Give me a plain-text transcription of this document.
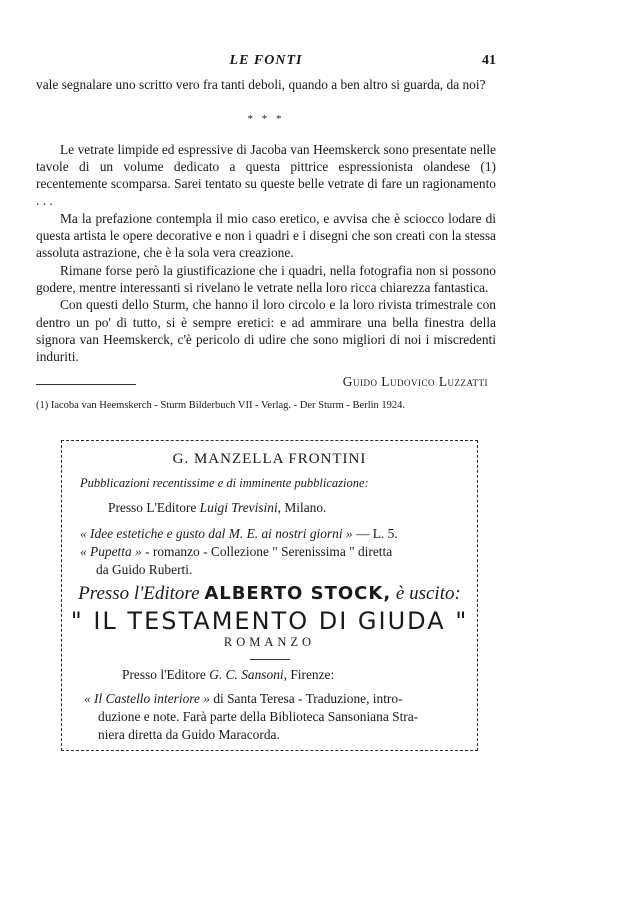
LE FONTI	41

vale segnalare uno scritto vero fra tanti deboli, quando a ben altro si guarda, da noi?

* * *

Le vetrate limpide ed espressive di Jacoba van Heemskerck sono presentate nelle tavole di un volume dedicato a questa pittrice espressionista olandese (1) recentemente scomparsa. Sarei tentato su queste belle vetrate di fare un ragionamento . . .

Ma la prefazione contempla il mio caso eretico, e avvisa che è sciocco lodare di questa artista le opere decorative e non i quadri e i disegni che son creati con la stessa assoluta astrazione, che è la sola vera creazione.

Rimane forse però la giustificazione che i quadri, nella fotografia non si possono godere, mentre interessanti si rivelano le vetrate nella loro ricca chiarezza fantastica.

Con questi dello Sturm, che hanno il loro circolo e la loro rivista trimestrale con dentro un po' di tutto, si è sempre eretici: e ad ammirare una bella finestra della signora van Heemskerck, c'è pericolo di udire che sono migliori di noi i miscredenti induriti.

Guido Ludovico Luzzatti

(1) Iacoba van Heemskerch - Sturm Bilderbuch VII - Verlag. - Der Sturm - Berlin 1924.
G. MANZELLA FRONTINI
Pubblicazioni recentissime e di imminente pubblicazione:
Presso L'Editore Luigi Trevisini, Milano.
« Idee estetiche e gusto dal M. E. ai nostri giorni » — L. 5.
« Pupetta » - romanzo - Collezione " Serenissima " diretta
da Guido Ruberti.
Presso l'Editore ALBERTO STOCK, è uscito:
" IL TESTAMENTO DI GIUDA "
ROMANZO
Presso l'Editore G. C. Sansoni, Firenze:
« Il Castello interiore » di Santa Teresa - Traduzione, intro-
duzione e note. Farà parte della Biblioteca Sansoniana Stra-
niera diretta da Guido Maracorda.
